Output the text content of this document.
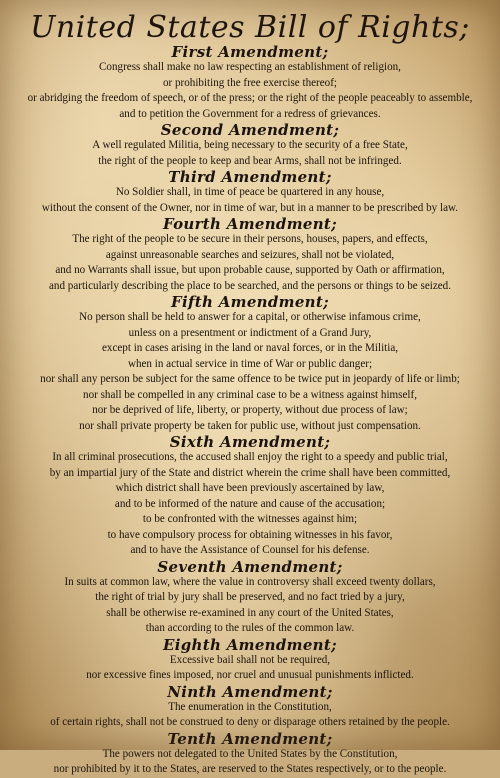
United States Bill of Rights;
First Amendment;

Congress shall make no law respecting an establishment of religion,

or prohibiting the free exercise thereof;

or abridging the freedom of speech, or of the press; or the right of the people peaceably to assemble,

and to petition the Government for a redress of grievances.

Second Amendment;

A well regulated Militia, being necessary to the security of a free State,

the right of the people to keep and bear Arms, shall not be infringed.

Third Amendment;

No Soldier shall, in time of peace be quartered in any house,

without the consent of the Owner, nor in time of war, but in a manner to be prescribed by law.

Fourth Amendment;

The right of the people to be secure in their persons, houses, papers, and effects,

against unreasonable searches and seizures, shall not be violated,

and no Warrants shall issue, but upon probable cause, supported by Oath or affirmation,

and particularly describing the place to be searched, and the persons or things to be seized.

Fifth Amendment;

No person shall be held to answer for a capital, or otherwise infamous crime,

unless on a presentment or indictment of a Grand Jury,

except in cases arising in the land or naval forces, or in the Militia,

when in actual service in time of War or public danger;

nor shall any person be subject for the same offence to be twice put in jeopardy of life or limb;

nor shall be compelled in any criminal case to be a witness against himself,

nor be deprived of life, liberty, or property, without due process of law;

nor shall private property be taken for public use, without just compensation.

Sixth Amendment;

In all criminal prosecutions, the accused shall enjoy the right to a speedy and public trial,

by an impartial jury of the State and district wherein the crime shall have been committed,

which district shall have been previously ascertained by law,

and to be informed of the nature and cause of the accusation;

to be confronted with the witnesses against him;

to have compulsory process for obtaining witnesses in his favor,

and to have the Assistance of Counsel for his defense.

Seventh Amendment;

In suits at common law, where the value in controversy shall exceed twenty dollars,

the right of trial by jury shall be preserved, and no fact tried by a jury,

shall be otherwise re-examined in any court of the United States,

than according to the rules of the common law.

Eighth Amendment;

Excessive bail shall not be required,

nor excessive fines imposed, nor cruel and unusual punishments inflicted.

Ninth Amendment;

The enumeration in the Constitution,

of certain rights, shall not be construed to deny or disparage others retained by the people.

Tenth Amendment;

The powers not delegated to the United States by the Constitution,

nor prohibited by it to the States, are reserved to the States respectively, or to the people.
